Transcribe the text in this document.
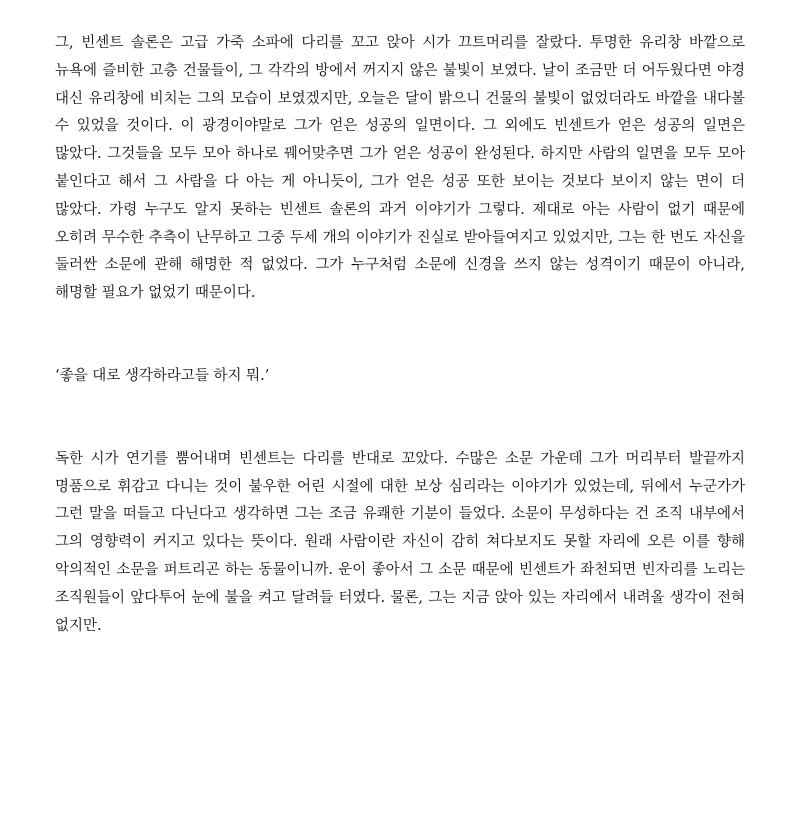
그, 빈센트 솔론은 고급 가죽 소파에 다리를 꼬고 앉아 시가 끄트머리를 잘랐다. 투명한 유리창 바깥으로 뉴욕에 즐비한 고층 건물들이, 그 각각의 방에서 꺼지지 않은 불빛이 보였다. 날이 조금만 더 어두웠다면 야경 대신 유리창에 비치는 그의 모습이 보였겠지만, 오늘은 달이 밝으니 건물의 불빛이 없었더라도 바깥을 내다볼 수 있었을 것이다. 이 광경이야말로 그가 얻은 성공의 일면이다. 그 외에도 빈센트가 얻은 성공의 일면은 많았다. 그것들을 모두 모아 하나로 꿰어맞추면 그가 얻은 성공이 완성된다. 하지만 사람의 일면을 모두 모아 붙인다고 해서 그 사람을 다 아는 게 아니듯이, 그가 얻은 성공 또한 보이는 것보다 보이지 않는 면이 더 많았다. 가령 누구도 알지 못하는 빈센트 솔론의 과거 이야기가 그렇다. 제대로 아는 사람이 없기 때문에 오히려 무수한 추측이 난무하고 그중 두세 개의 이야기가 진실로 받아들여지고 있었지만, 그는 한 번도 자신을 둘러싼 소문에 관해 해명한 적 없었다. 그가 누구처럼 소문에 신경을 쓰지 않는 성격이기 때문이 아니라, 해명할 필요가 없었기 때문이다.

‘좋을 대로 생각하라고들 하지 뭐.’

독한 시가 연기를 뿜어내며 빈센트는 다리를 반대로 꼬았다. 수많은 소문 가운데 그가 머리부터 발끝까지 명품으로 휘감고 다니는 것이 불우한 어린 시절에 대한 보상 심리라는 이야기가 있었는데, 뒤에서 누군가가 그런 말을 떠들고 다닌다고 생각하면 그는 조금 유쾌한 기분이 들었다. 소문이 무성하다는 건 조직 내부에서 그의 영향력이 커지고 있다는 뜻이다. 원래 사람이란 자신이 감히 쳐다보지도 못할 자리에 오른 이를 향해 악의적인 소문을 퍼트리곤 하는 동물이니까. 운이 좋아서 그 소문 때문에 빈센트가 좌천되면 빈자리를 노리는 조직원들이 앞다투어 눈에 불을 켜고 달려들 터였다. 물론, 그는 지금 앉아 있는 자리에서 내려올 생각이 전혀 없지만.
